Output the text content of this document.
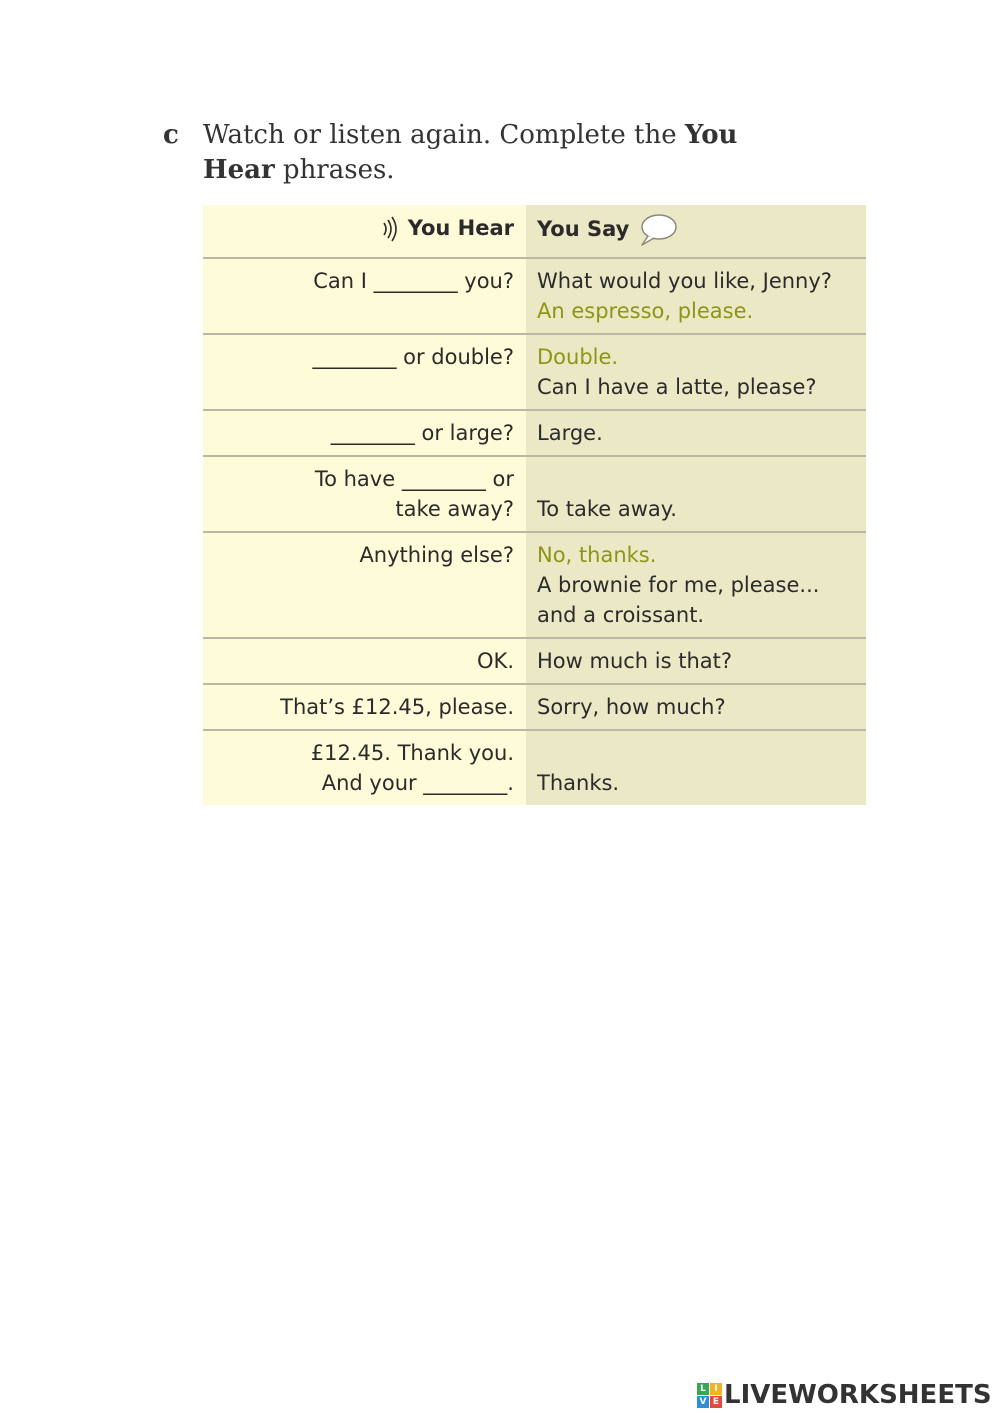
c Watch or listen again. Complete the You Hear phrases.
You Hear	You Say

Can I ________ you?	What would you like, Jenny?
An espresso, please.

________ or double?	Double.
Can I have a latte, please?

________ or large?	Large.

To have ________ or
take away?	To take away.

Anything else?	No, thanks.
A brownie for me, please...
and a croissant.

OK.	How much is that?

That’s £12.45, please.	Sorry, how much?

£12.45. Thank you.
And your ________.	Thanks.
L I
V E LIVEWORKSHEETS
